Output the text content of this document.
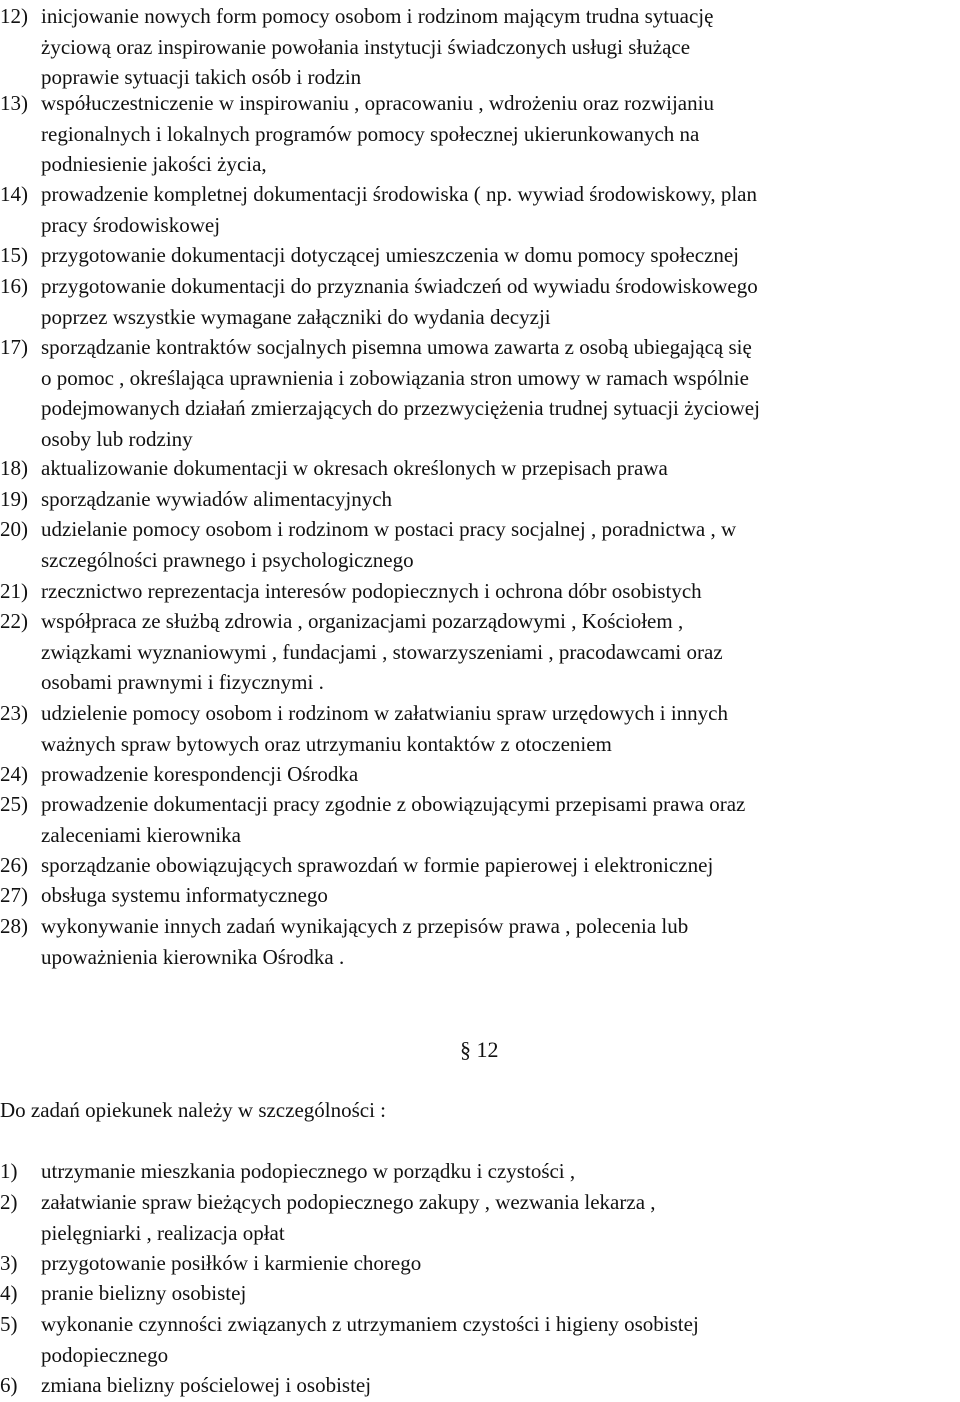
12) inicjowanie nowych form pomocy osobom i rodzinom mającym trudna sytuację
życiową oraz inspirowanie powołania instytucji świadczonych usługi służące
poprawie sytuacji takich osób i rodzin
13) współuczestniczenie w inspirowaniu , opracowaniu , wdrożeniu oraz rozwijaniu
regionalnych i lokalnych programów pomocy społecznej ukierunkowanych na
podniesienie jakości życia,
14) prowadzenie kompletnej dokumentacji środowiska ( np. wywiad środowiskowy, plan
pracy środowiskowej
15) przygotowanie dokumentacji dotyczącej umieszczenia w domu pomocy społecznej
16) przygotowanie dokumentacji do przyznania świadczeń od wywiadu środowiskowego
poprzez wszystkie wymagane załączniki do wydania decyzji
17) sporządzanie kontraktów socjalnych pisemna umowa zawarta z osobą ubiegającą się
o pomoc , określająca uprawnienia i zobowiązania stron umowy w ramach wspólnie
podejmowanych działań zmierzających do przezwyciężenia trudnej sytuacji życiowej
osoby lub rodziny
18) aktualizowanie dokumentacji w okresach określonych w przepisach prawa
19) sporządzanie wywiadów alimentacyjnych
20) udzielanie pomocy osobom i rodzinom w postaci pracy socjalnej , poradnictwa , w
szczególności prawnego i psychologicznego
21) rzecznictwo reprezentacja interesów podopiecznych i ochrona dóbr osobistych
22) współpraca ze służbą zdrowia , organizacjami pozarządowymi , Kościołem ,
związkami wyznaniowymi , fundacjami , stowarzyszeniami , pracodawcami oraz
osobami prawnymi i fizycznymi .
23) udzielenie pomocy osobom i rodzinom w załatwianiu spraw urzędowych i innych
ważnych spraw bytowych oraz utrzymaniu kontaktów z otoczeniem
24) prowadzenie korespondencji Ośrodka
25) prowadzenie dokumentacji pracy zgodnie z obowiązującymi przepisami prawa oraz
zaleceniami kierownika
26) sporządzanie obowiązujących sprawozdań w formie papierowej i elektronicznej
27) obsługa systemu informatycznego
28) wykonywanie innych zadań wynikających z przepisów prawa , polecenia lub
upoważnienia kierownika Ośrodka .
§ 12
Do zadań opiekunek należy w szczególności :
1) utrzymanie mieszkania podopiecznego w porządku i czystości ,
2) załatwianie spraw bieżących podopiecznego zakupy , wezwania lekarza ,
pielęgniarki , realizacja opłat
3) przygotowanie posiłków i karmienie chorego
4) pranie bielizny osobistej
5) wykonanie czynności związanych z utrzymaniem czystości i higieny osobistej
podopiecznego
6) zmiana bielizny pościelowej i osobistej
